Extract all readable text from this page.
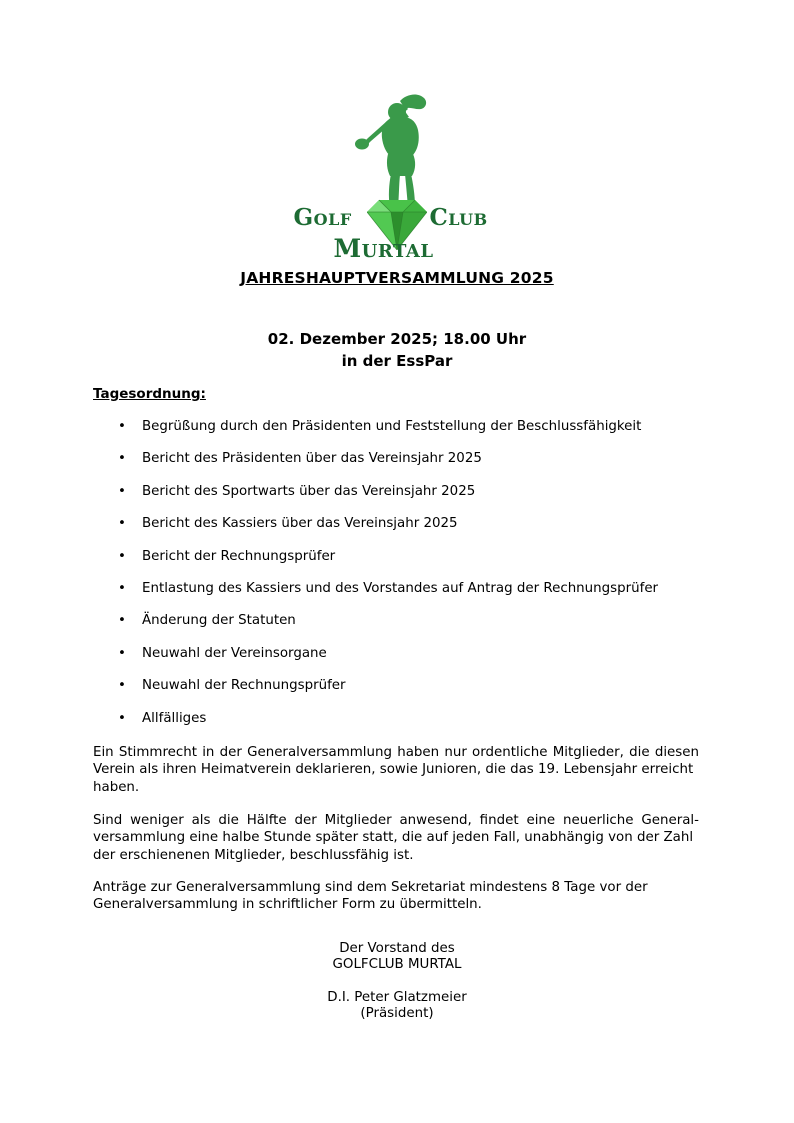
Golf	Club
Murtal
JAHRESHAUPTVERSAMMLUNG 2025
02. Dezember 2025; 18.00 Uhr
in der EssPar
Tagesordnung:
• Begrüßung durch den Präsidenten und Feststellung der Beschlussfähigkeit
• Bericht des Präsidenten über das Vereinsjahr 2025
• Bericht des Sportwarts über das Vereinsjahr 2025
• Bericht des Kassiers über das Vereinsjahr 2025
• Bericht der Rechnungsprüfer
• Entlastung des Kassiers und des Vorstandes auf Antrag der Rechnungsprüfer
• Änderung der Statuten
• Neuwahl der Vereinsorgane
• Neuwahl der Rechnungsprüfer
• Allfälliges

Ein Stimmrecht in der Generalversammlung haben nur ordentliche Mitglieder, die diesen Verein als ihren Heimatverein deklarieren, sowie Junioren, die das 19. Lebensjahr erreicht

haben.

Sind weniger als die Hälfte der Mitglieder anwesend, findet eine neuerliche General-versammlung eine halbe Stunde später statt, die auf jeden Fall, unabhängig von der Zahl

der erschienenen Mitglieder, beschlussfähig ist.

Anträge zur Generalversammlung sind dem Sekretariat mindestens 8 Tage vor der

Generalversammlung in schriftlicher Form zu übermitteln.

Der Vorstand des
GOLFCLUB MURTAL
D.I. Peter Glatzmeier
(Präsident)
